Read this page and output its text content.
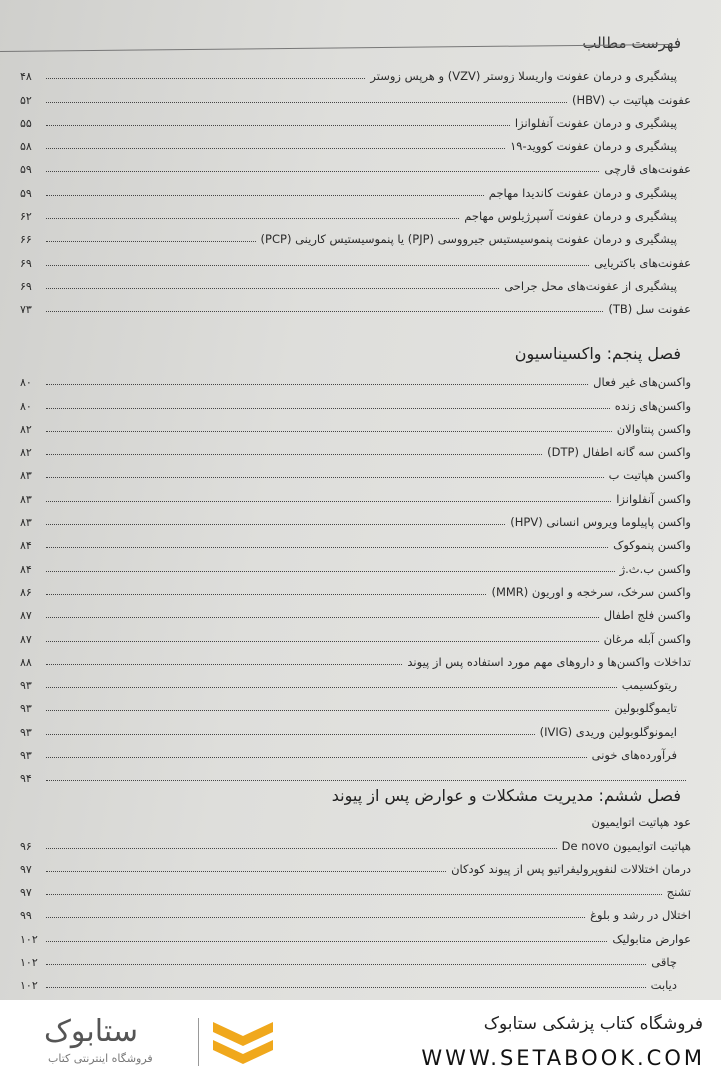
فهرست مطالب
پیشگیری و درمان عفونت واریسلا زوستر (VZV) و هرپس زوستر
۴۸
عفونت هپاتیت ب (HBV)
۵۲
پیشگیری و درمان عفونت آنفلوانزا
۵۵
پیشگیری و درمان عفونت کووید-۱۹
۵۸
عفونت‌های قارچی
۵۹
پیشگیری و درمان عفونت کاندیدا مهاجم
۵۹
پیشگیری و درمان عفونت آسپرژیلوس مهاجم
۶۲
پیشگیری و درمان عفونت پنموسیستیس جیرووسی (PJP) یا پنموسیستیس کارینی (PCP)
۶۶
عفونت‌های باکتریایی
۶۹
پیشگیری از عفونت‌های محل جراحی
۶۹
عفونت سل (TB)
۷۳
فصل پنجم: واکسیناسیون
واکسن‌های غیر فعال
۸۰
واکسن‌های زنده
۸۰
واکسن پنتاوالان
۸۲
واکسن سه گانه اطفال (DTP)
۸۲
واکسن هپاتیت ب
۸۳
واکسن آنفلوانزا
۸۳
واکسن پاپیلوما ویروس انسانی (HPV)
۸۳
واکسن پنموکوک
۸۴
واکسن ب.ث.ژ
۸۴
واکسن سرخک، سرخجه و اوریون (MMR)
۸۶
واکسن فلج اطفال
۸۷
واکسن آبله مرغان
۸۷
تداخلات واکسن‌ها و داروهای مهم مورد استفاده پس از پیوند
۸۸
ریتوکسیمب
۹۳
تایموگلوبولین
۹۳
ایمونوگلوبولین وریدی (IVIG)
۹۳
فرآورده‌های خونی
۹۳
۹۴
فصل ششم: مدیریت مشکلات و عوارض پس از پیوند
عود هپاتیت اتوایمیون
هپاتیت اتوایمیون De novo
۹۶
درمان اختلالات لنفوپرولیفراتیو پس از پیوند کودکان
۹۷
تشنج
۹۷
اختلال در رشد و بلوغ
۹۹
عوارض متابولیک
۱۰۲
چاقی
۱۰۲
دیابت
۱۰۲
ستابوک
فروشگاه اینترنتی کتاب
فروشگاه کتاب پزشکی ستابوک
WWW.SETABOOK.COM
